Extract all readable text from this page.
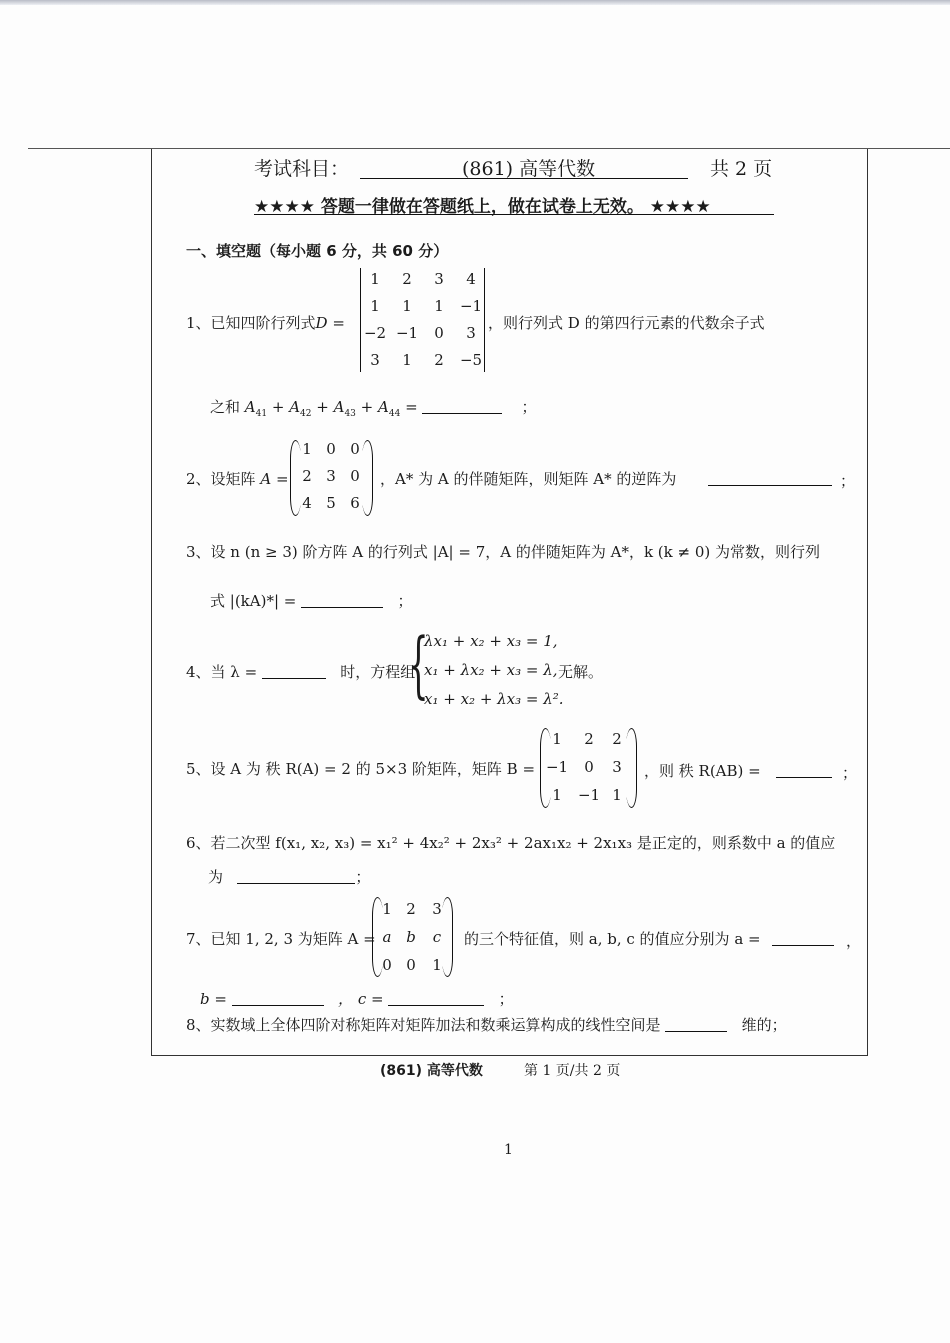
考试科目：	(861) 高等代数	共 2 页
★★★★ 答题一律做在答题纸上，做在试卷上无效。 ★★★★
一、填空题（每小题 6 分，共 60 分）
1、已知四阶行列式D =
1	2	3	4
1	1	1	−1
−2 −1	0	3
3	1	2	−5
，则行列式 D 的第四行元素的代数余子式
之和 $A_{41} + A_{42} + A_{43} + A_{44}$ =	；
2、设矩阵 A =
1 0 0
2 3 0
4 5 6
，A* 为 A 的伴随矩阵，则矩阵 A* 的逆阵为	；
3、设 n (n ≥ 3) 阶方阵 A 的行列式 |A| = 7，A 的伴随矩阵为 A*，k (k ≠ 0) 为常数，则行列
式 |(kA)*| =	；
4、当 λ =	时，方程组
{
λx₁ + x₂ + x₃ = 1,
x₁ + λx₂ + x₃ = λ,
x₁ + x₂ + λx₃ = λ².
无解。
5、设 A 为 秩 R(A) = 2 的 5×3 阶矩阵，矩阵 B =
1	2	2
−1	0	3
1	−1 1
，则 秩 R(AB) =	；
6、若二次型 f(x₁, x₂, x₃) = x₁² + 4x₂² + 2x₃² + 2ax₁x₂ + 2x₁x₃ 是正定的，则系数中 a 的值应
为	；
7、已知 1, 2, 3 为矩阵 A =
1 2	3
a b	c
0 0	1
的三个特征值，则 a, b, c 的值应分别为 a =	，
b =	， c =	；
8、实数域上全体四阶对称矩阵对矩阵加法和数乘运算构成的线性空间是	维的；
(861) 高等代数	第 1 页/共 2 页
1
